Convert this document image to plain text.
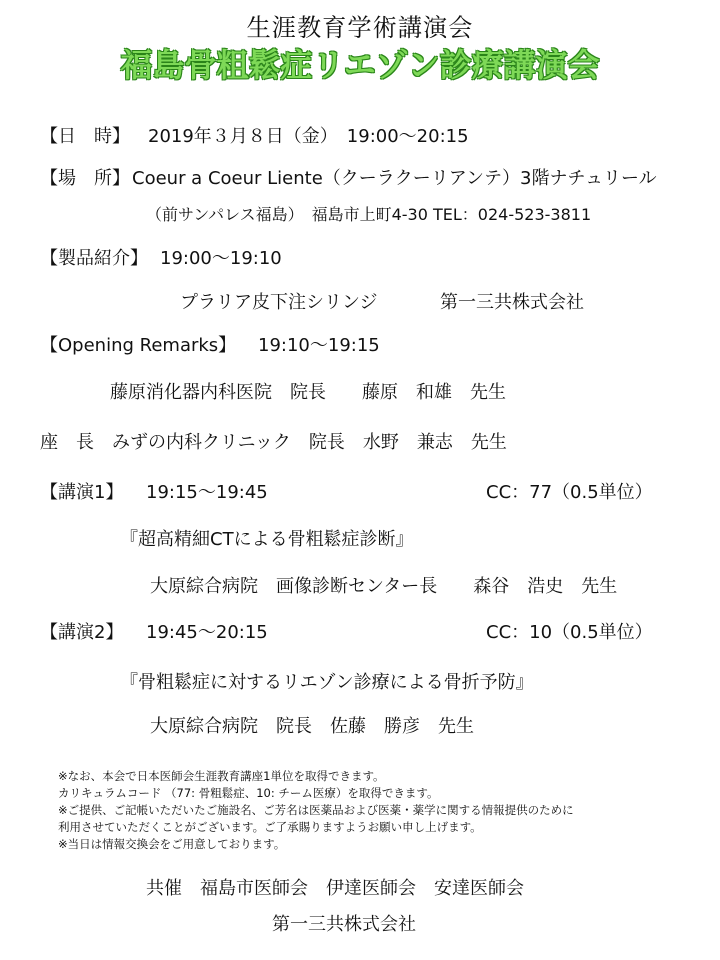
生涯教育学術講演会
福島骨粗鬆症リエゾン診療講演会
【日　時】 2019年３月８日（金）　19:00～20:15
【場　所】 Coeur a Coeur Liente（クーラクーリアンテ）3階ナチュリール
（前サンパレス福島）　福島市上町4-30 TEL：024-523-3811
【製品紹介】 19:00～19:10
プラリア皮下注シリンジ	第一三共株式会社
【Opening Remarks】 19:10～19:15
藤原消化器内科医院　院長　　藤原　和雄　先生
座　長　みずの内科クリニック　院長　水野　兼志　先生
【講演1】 19:15～19:45	CC：77（0.5単位）
『超高精細CTによる骨粗鬆症診断』
大原綜合病院　画像診断センター長　　森谷　浩史　先生
【講演2】 19:45～20:15	CC：10（0.5単位）
『骨粗鬆症に対するリエゾン診療による骨折予防』
大原綜合病院　院長　佐藤　勝彦　先生
※なお、本会で日本医師会生涯教育講座1単位を取得できます。
カリキュラムコード （77: 骨粗鬆症、10: チーム医療）を取得できます。
※ご提供、ご記帳いただいたご施設名、ご芳名は医薬品および医薬・薬学に関する情報提供のために
利用させていただくことがございます。ご了承賜りますようお願い申し上げます。
※当日は情報交換会をご用意しております。
共催　福島市医師会　伊達医師会　安達医師会
第一三共株式会社
